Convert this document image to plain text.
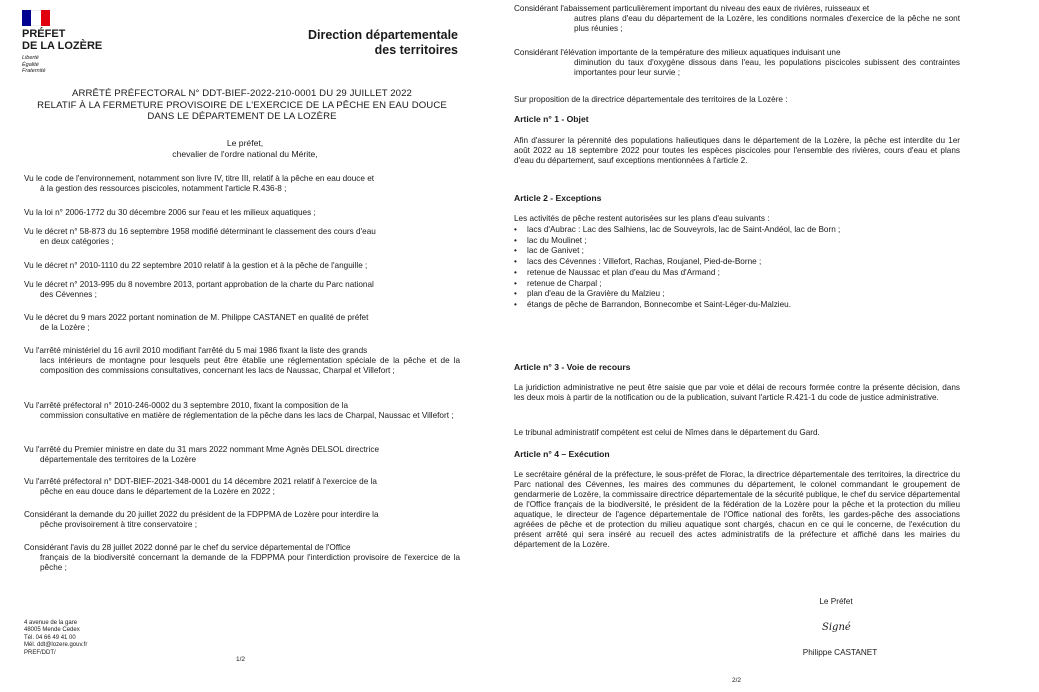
PRÉFET
DE LA LOZÈRE
Liberté
Égalité
Fraternité
Direction départementale
des territoires
ARRÊTÉ PRÉFECTORAL N° DDT-BIEF-2022-210-0001 DU 29 JUILLET 2022
RELATIF À LA FERMETURE PROVISOIRE DE L'EXERCICE DE LA PÊCHE EN EAU DOUCE
DANS LE DÉPARTEMENT DE LA LOZÈRE
Le préfet,
chevalier de l'ordre national du Mérite,
Vu le code de l'environnement, notamment son livre IV, titre III, relatif à la pêche en eau douce et
à la gestion des ressources piscicoles, notamment l'article R.436-8 ;
Vu la loi n° 2006-1772 du 30 décembre 2006 sur l'eau et les milieux aquatiques ;
Vu le décret n° 58-873 du 16 septembre 1958 modifié déterminant le classement des cours d'eau
en deux catégories ;
Vu le décret n° 2010-1110 du 22 septembre 2010 relatif à la gestion et à la pêche de l'anguille ;
Vu le décret n° 2013-995 du 8 novembre 2013, portant approbation de la charte du Parc national
des Cévennes ;
Vu le décret du 9 mars 2022 portant nomination de M. Philippe CASTANET en qualité de préfet
de la Lozère ;
Vu l'arrêté ministériel du 16 avril 2010 modifiant l'arrêté du 5 mai 1986 fixant la liste des grands
lacs intérieurs de montagne pour lesquels peut être établie une réglementation spéciale de la pêche et de la composition des commissions consultatives, concernant les lacs de Naussac, Charpal et Villefort ;
Vu l'arrêté préfectoral n° 2010-246-0002 du 3 septembre 2010, fixant la composition de la
commission consultative en matière de réglementation de la pêche dans les lacs de Charpal, Naussac et Villefort ;
Vu l'arrêté du Premier ministre en date du 31 mars 2022 nommant Mme Agnès DELSOL directrice
départementale des territoires de la Lozère
Vu l'arrêté préfectoral n° DDT-BIEF-2021-348-0001 du 14 décembre 2021 relatif à l'exercice de la
pêche en eau douce dans le département de la Lozère en 2022 ;
Considérant la demande du 20 juillet 2022 du président de la FDPPMA de Lozère pour interdire la
pêche provisoirement à titre conservatoire ;
Considérant l'avis du 28 juillet 2022 donné par le chef du service départemental de l'Office
français de la biodiversité concernant la demande de la FDPPMA pour l'interdiction provisoire de l'exercice de la pêche ;
4 avenue de la gare
48005 Mende Cedex
Tél. 04 66 49 41 00
Mél. ddt@lozere.gouv.fr
PREF/DDT/
1/2
Considérant l'abaissement particulièrement important du niveau des eaux de rivières, ruisseaux et
autres plans d'eau du département de la Lozère, les conditions normales d'exercice de la pêche ne sont plus réunies ;
Considérant l'élévation importante de la température des milieux aquatiques induisant une
diminution du taux d'oxygène dissous dans l'eau, les populations piscicoles subissent des contraintes importantes pour leur survie ;
Sur proposition de la directrice départementale des territoires de la Lozère :
Article n° 1 - Objet
Afin d'assurer la pérennité des populations halieutiques dans le département de la Lozère, la pêche est interdite du 1er août 2022 au 18 septembre 2022 pour toutes les espèces piscicoles pour l'ensemble des rivières, cours d'eau et plans d'eau du département, sauf exceptions mentionnées à l'article 2.
Article 2 - Exceptions
Les activités de pêche restent autorisées sur les plans d'eau suivants :
• lacs d'Aubrac : Lac des Salhiens, lac de Souveyrols, lac de Saint-Andéol, lac de Born ;
• lac du Moulinet ;
• lac de Ganivet ;
• lacs des Cévennes : Villefort, Rachas, Roujanel, Pied-de-Borne ;
• retenue de Naussac et plan d'eau du Mas d'Armand ;
• retenue de Charpal ;
• plan d'eau de la Gravière du Malzieu ;
• étangs de pêche de Barrandon, Bonnecombe et Saint-Léger-du-Malzieu.
Article n° 3 - Voie de recours
La juridiction administrative ne peut être saisie que par voie et délai de recours formée contre la présente décision, dans les deux mois à partir de la notification ou de la publication, suivant l'article R.421-1 du code de justice administrative.
Le tribunal administratif compétent est celui de Nîmes dans le département du Gard.
Article n° 4 – Exécution
Le secrétaire général de la préfecture, le sous-préfet de Florac, la directrice départementale des territoires, la directrice du Parc national des Cévennes, les maires des communes du département, le colonel commandant le groupement de gendarmerie de Lozère, la commissaire directrice départementale de la sécurité publique, le chef du service départemental de l'Office français de la biodiversité, le président de la fédération de la Lozère pour la pêche et la protection du milieu aquatique, le directeur de l'agence départementale de l'Office national des forêts, les gardes-pêche des associations agréées de pêche et de protection du milieu aquatique sont chargés, chacun en ce qui le concerne, de l'exécution du présent arrêté qui sera inséré au recueil des actes administratifs de la préfecture et affiché dans les mairies du département de la Lozère.
Le Préfet
Signé
Philippe CASTANET
2/2
